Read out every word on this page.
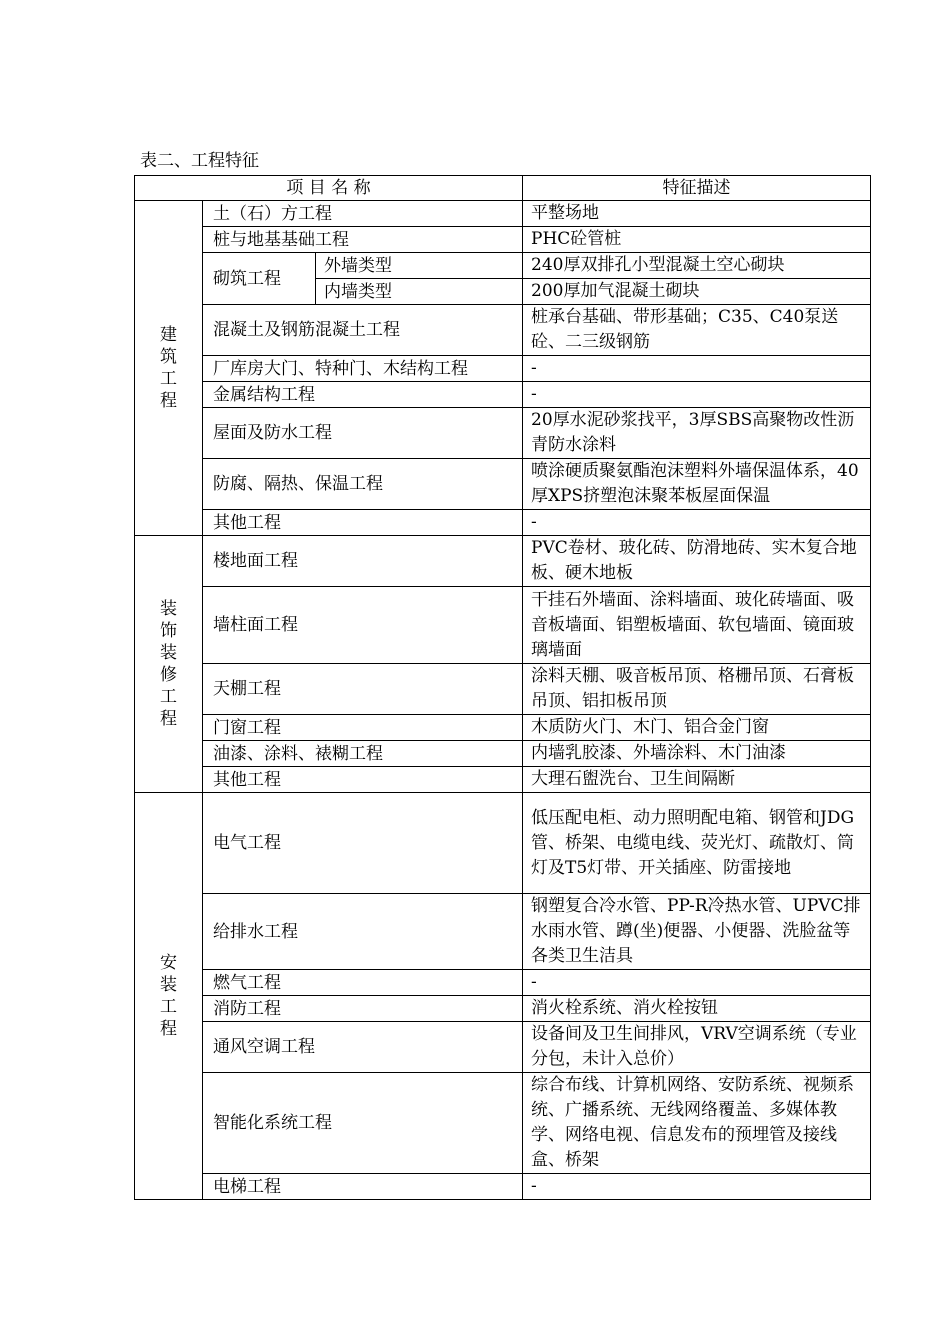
表二、工程特征
项 目 名 称			特征描述
建筑工程	土（石）方工程		平整场地
	桩与地基基础工程		PHC砼管桩
	砌筑工程	外墙类型	240厚双排孔小型混凝土空心砌块
		内墙类型	200厚加气混凝土砌块
	混凝土及钢筋混凝土工程		桩承台基础、带形基础；C35、C40泵送砼、二三级钢筋
	厂库房大门、特种门、木结构工程		-
	金属结构工程		-
	屋面及防水工程		20厚水泥砂浆找平，3厚SBS高聚物改性沥青防水涂料
	防腐、隔热、保温工程		喷涂硬质聚氨酯泡沫塑料外墙保温体系，40厚XPS挤塑泡沫聚苯板屋面保温
	其他工程		-
装饰装修工程	楼地面工程		PVC卷材、玻化砖、防滑地砖、实木复合地板、硬木地板
	墙柱面工程		干挂石外墙面、涂料墙面、玻化砖墙面、吸音板墙面、铝塑板墙面、软包墙面、镜面玻璃墙面
	天棚工程		涂料天棚、吸音板吊顶、格栅吊顶、石膏板吊顶、铝扣板吊顶
	门窗工程		木质防火门、木门、铝合金门窗
	油漆、涂料、裱糊工程		内墙乳胶漆、外墙涂料、木门油漆
	其他工程		大理石盥洗台、卫生间隔断
安装工程	电气工程		低压配电柜、动力照明配电箱、钢管和JDG管、桥架、电缆电线、荧光灯、疏散灯、筒灯及T5灯带、开关插座、防雷接地
	给排水工程		钢塑复合冷水管、PP-R冷热水管、UPVC排水雨水管、蹲(坐)便器、小便器、洗脸盆等各类卫生洁具
	燃气工程		-
	消防工程		消火栓系统、消火栓按钮
	通风空调工程		设备间及卫生间排风，VRV空调系统（专业分包，未计入总价）
	智能化系统工程		综合布线、计算机网络、安防系统、视频系统、广播系统、无线网络覆盖、多媒体教学、网络电视、信息发布的预埋管及接线盒、桥架
	电梯工程		-
